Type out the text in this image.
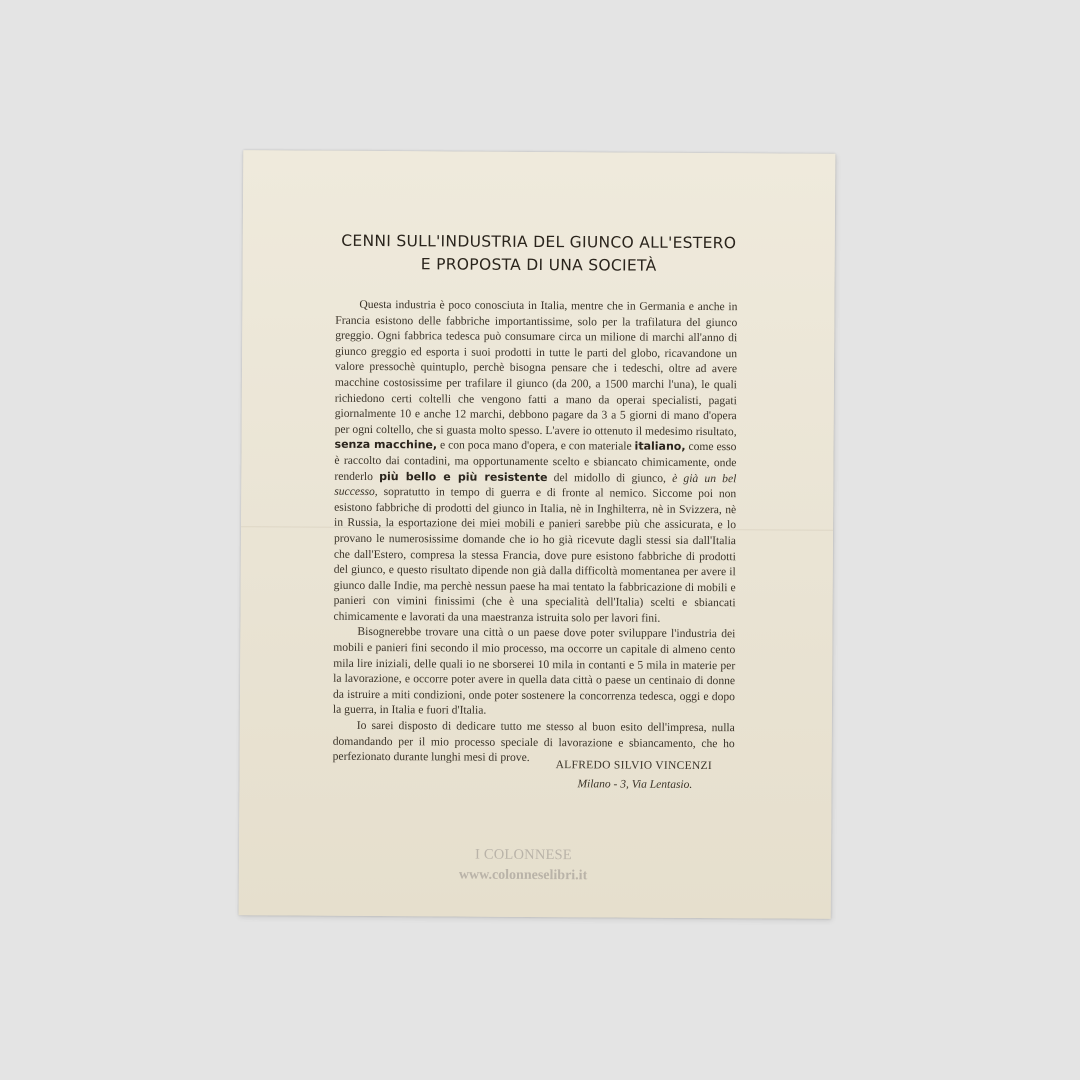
CENNI SULL'INDUSTRIA DEL GIUNCO ALL'ESTERO
E PROPOSTA DI UNA SOCIETÀ

Questa industria è poco conosciuta in Italia, mentre che in Germania e anche in Francia esistono delle fabbriche importantissime, solo per la trafilatura del giunco greggio. Ogni fabbrica tedesca può consumare circa un milione di marchi all'anno di giunco greggio ed esporta i suoi prodotti in tutte le parti del globo, ricavandone un valore pressochè quintuplo, perchè bisogna pensare che i tedeschi, oltre ad avere macchine costosissime per trafilare il giunco (da 200, a 1500 marchi l'una), le quali richiedono certi coltelli che vengono fatti a mano da operai specialisti, pagati giornalmente 10 e anche 12 marchi, debbono pagare da 3 a 5 giorni di mano d'opera per ogni coltello, che si guasta molto spesso. L'avere io ottenuto il medesimo risultato, senza macchine, e con poca mano d'opera, e con materiale italiano, come esso è raccolto dai contadini, ma opportunamente scelto e sbiancato chimicamente, onde renderlo più bello e più resistente del midollo di giunco, è già un bel successo, sopratutto in tempo di guerra e di fronte al nemico. Siccome poi non esistono fabbriche di prodotti del giunco in Italia, nè in Inghilterra, nè in Svizzera, nè in Russia, la esportazione dei miei mobili e panieri sarebbe più che assicurata, e lo provano le numerosissime domande che io ho già ricevute dagli stessi sia dall'Italia che dall'Estero, compresa la stessa Francia, dove pure esistono fabbriche di prodotti del giunco, e questo risultato dipende non già dalla difficoltà momentanea per avere il giunco dalle Indie, ma perchè nessun paese ha mai tentato la fabbricazione di mobili e panieri con vimini finissimi (che è una specialità dell'Italia) scelti e sbiancati chimicamente e lavorati da una maestranza istruita solo per lavori fini.

Bisognerebbe trovare una città o un paese dove poter sviluppare l'industria dei mobili e panieri fini secondo il mio processo, ma occorre un capitale di almeno cento mila lire iniziali, delle quali io ne sborserei 10 mila in contanti e 5 mila in materie per la lavorazione, e occorre poter avere in quella data città o paese un centinaio di donne da istruire a miti condizioni, onde poter sostenere la concorrenza tedesca, oggi e dopo la guerra, in Italia e fuori d'Italia.

Io sarei disposto di dedicare tutto me stesso al buon esito dell'impresa, nulla domandando per il mio processo speciale di lavorazione e sbiancamento, che ho perfezionato durante lunghi mesi di prove.

ALFREDO SILVIO VINCENZI
Milano - 3, Via Lentasio.
I COLONNESE
www.colonneselibri.it
